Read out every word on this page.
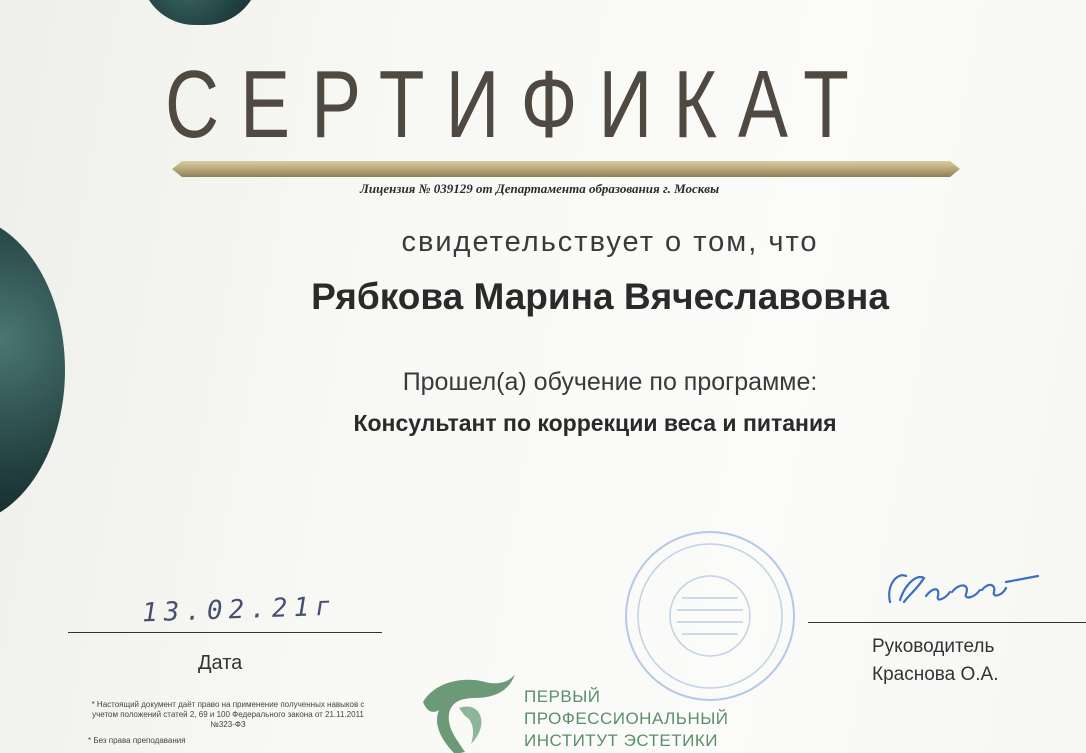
СЕРТИФИКАТ
Лицензия № 039129 от Департамента образования г. Москвы
свидетельствует о том, что
Рябкова Марина Вячеславовна
Прошел(а) обучение по программе:
Консультант по коррекции веса и питания
13.02.21г
Дата
Руководитель
Краснова О.А.
* Настоящий документ даёт право на применение полученных навыков с учетом положений статей 2, 69 и 100 Федерального закона от 21.11.2011 №323-ФЗ
* Без права преподавания
ПЕРВЫЙ
ПРОФЕССИОНАЛЬНЫЙ
ИНСТИТУТ ЭСТЕТИКИ
